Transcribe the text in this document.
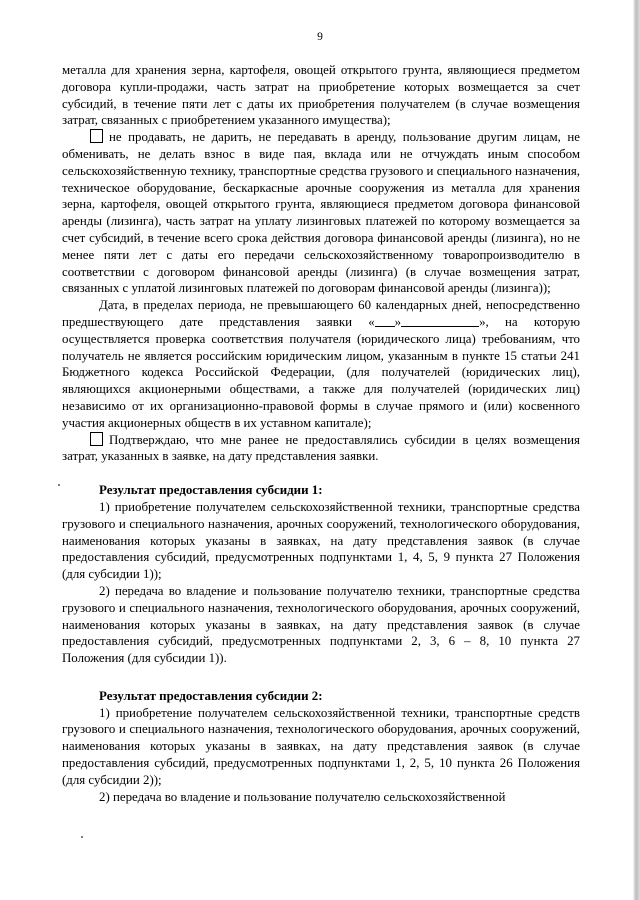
9

металла для хранения зерна, картофеля, овощей открытого грунта, являющиеся предметом договора купли-продажи, часть затрат на приобретение которых возмещается за счет субсидий, в течение пяти лет с даты их приобретения получателем (в случае возмещения затрат, связанных с приобретением указанного имущества);

не продавать, не дарить, не передавать в аренду, пользование другим лицам, не обменивать, не делать взнос в виде пая, вклада или не отчуждать иным способом сельскохозяйственную технику, транспортные средства грузового и специального назначения, техническое оборудование, бескаркасные арочные сооружения из металла для хранения зерна, картофеля, овощей открытого грунта, являющиеся предметом договора финансовой аренды (лизинга), часть затрат на уплату лизинговых платежей по которому возмещается за счет субсидий, в течение всего срока действия договора финансовой аренды (лизинга), но не менее пяти лет с даты его передачи сельскохозяйственному товаропроизводителю в соответствии с договором финансовой аренды (лизинга) (в случае возмещения затрат, связанных с уплатой лизинговых платежей по договорам финансовой аренды (лизинга));

Дата, в пределах периода, не превышающего 60 календарных дней, непосредственно предшествующего дате представления заявки « »	», на которую осуществляется проверка соответствия получателя (юридического лица) требованиям, что получатель не является российским юридическим лицом, указанным в пункте 15 статьи 241 Бюджетного кодекса Российской Федерации, (для получателей (юридических лиц), являющихся акционерными обществами, а также для получателей (юридических лиц) независимо от их организационно-правовой формы в случае прямого и (или) косвенного участия акционерных обществ в их уставном капитале);

Подтверждаю, что мне ранее не предоставлялись субсидии в целях возмещения затрат, указанных в заявке, на дату представления заявки.

Результат предоставления субсидии 1:

1) приобретение получателем сельскохозяйственной техники, транспортные средства грузового и специального назначения, арочных сооружений, технологического оборудования, наименования которых указаны в заявках, на дату представления заявок (в случае предоставления субсидий, предусмотренных подпунктами 1, 4, 5, 9 пункта 27 Положения (для субсидии 1));

2) передача во владение и пользование получателю техники, транспортные средства грузового и специального назначения, технологического оборудования, арочных сооружений, наименования которых указаны в заявках, на дату представления заявок (в случае предоставления субсидий, предусмотренных подпунктами 2, 3, 6 – 8, 10 пункта 27 Положения (для субсидии 1)).

Результат предоставления субсидии 2:

1) приобретение получателем сельскохозяйственной техники, транспортные средств грузового и специального назначения, технологического оборудования, арочных сооружений, наименования которых указаны в заявках, на дату представления заявок (в случае предоставления субсидий, предусмотренных подпунктами 1, 2, 5, 10 пункта 26 Положения (для субсидии 2));

2) передача во владение и пользование получателю сельскохозяйственной
